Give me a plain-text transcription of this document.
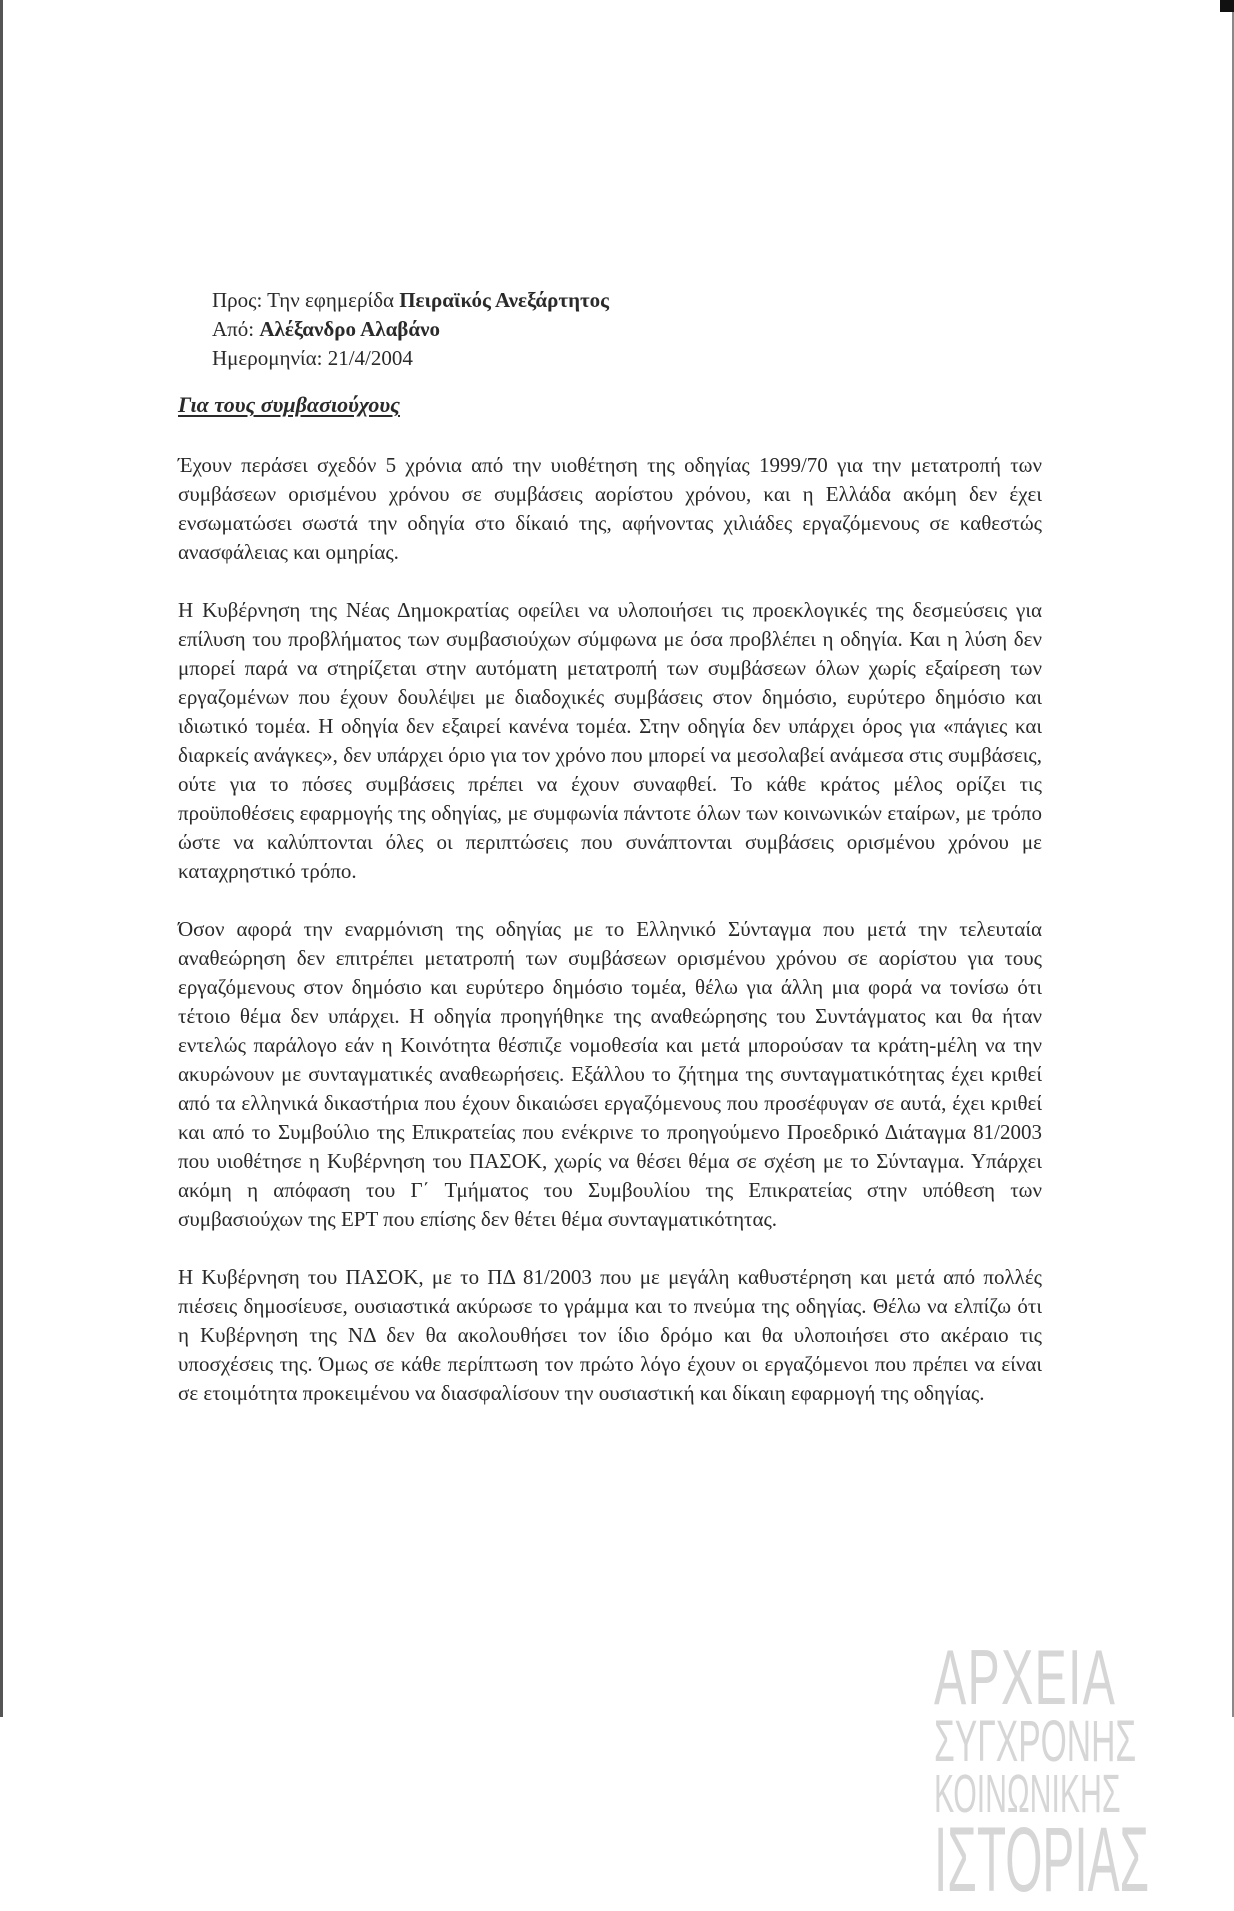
Προς: Την εφημερίδα Πειραϊκός Ανεξάρτητος
Από: Αλέξανδρο Αλαβάνο
Ημερομηνία: 21/4/2004
Για τους συμβασιούχους

Έχουν περάσει σχεδόν 5 χρόνια από την υιοθέτηση της οδηγίας 1999/70 για την μετατροπή των συμβάσεων ορισμένου χρόνου σε συμβάσεις αορίστου χρόνου, και η Ελλάδα ακόμη δεν έχει ενσωματώσει σωστά την οδηγία στο δίκαιό της, αφήνοντας χιλιάδες εργαζόμενους σε καθεστώς ανασφάλειας και ομηρίας.

Η Κυβέρνηση της Νέας Δημοκρατίας οφείλει να υλοποιήσει τις προεκλογικές της δεσμεύσεις για επίλυση του προβλήματος των συμβασιούχων σύμφωνα με όσα προβλέπει η οδηγία. Και η λύση δεν μπορεί παρά να στηρίζεται στην αυτόματη μετατροπή των συμβάσεων όλων χωρίς εξαίρεση των εργαζομένων που έχουν δουλέψει με διαδοχικές συμβάσεις στον δημόσιο, ευρύτερο δημόσιο και ιδιωτικό τομέα. Η οδηγία δεν εξαιρεί κανένα τομέα. Στην οδηγία δεν υπάρχει όρος για «πάγιες και διαρκείς ανάγκες», δεν υπάρχει όριο για τον χρόνο που μπορεί να μεσολαβεί ανάμεσα στις συμβάσεις, ούτε για το πόσες συμβάσεις πρέπει να έχουν συναφθεί. Το κάθε κράτος μέλος ορίζει τις προϋποθέσεις εφαρμογής της οδηγίας, με συμφωνία πάντοτε όλων των κοινωνικών εταίρων, με τρόπο ώστε να καλύπτονται όλες οι περιπτώσεις που συνάπτονται συμβάσεις ορισμένου χρόνου με καταχρηστικό τρόπο.

Όσον αφορά την εναρμόνιση της οδηγίας με το Ελληνικό Σύνταγμα που μετά την τελευταία αναθεώρηση δεν επιτρέπει μετατροπή των συμβάσεων ορισμένου χρόνου σε αορίστου για τους εργαζόμενους στον δημόσιο και ευρύτερο δημόσιο τομέα, θέλω για άλλη μια φορά να τονίσω ότι τέτοιο θέμα δεν υπάρχει. Η οδηγία προηγήθηκε της αναθεώρησης του Συντάγματος και θα ήταν εντελώς παράλογο εάν η Κοινότητα θέσπιζε νομοθεσία και μετά μπορούσαν τα κράτη-μέλη να την ακυρώνουν με συνταγματικές αναθεωρήσεις. Εξάλλου το ζήτημα της συνταγματικότητας έχει κριθεί από τα ελληνικά δικαστήρια που έχουν δικαιώσει εργαζόμενους που προσέφυγαν σε αυτά, έχει κριθεί και από το Συμβούλιο της Επικρατείας που ενέκρινε το προηγούμενο Προεδρικό Διάταγμα 81/2003 που υιοθέτησε η Κυβέρνηση του ΠΑΣΟΚ, χωρίς να θέσει θέμα σε σχέση με το Σύνταγμα. Υπάρχει ακόμη η απόφαση του Γ΄ Τμήματος του Συμβουλίου της Επικρατείας στην υπόθεση των συμβασιούχων της ΕΡΤ που επίσης δεν θέτει θέμα συνταγματικότητας.

Η Κυβέρνηση του ΠΑΣΟΚ, με το ΠΔ 81/2003 που με μεγάλη καθυστέρηση και μετά από πολλές πιέσεις δημοσίευσε, ουσιαστικά ακύρωσε το γράμμα και το πνεύμα της οδηγίας. Θέλω να ελπίζω ότι η Κυβέρνηση της ΝΔ δεν θα ακολουθήσει τον ίδιο δρόμο και θα υλοποιήσει στο ακέραιο τις υποσχέσεις της. Όμως σε κάθε περίπτωση τον πρώτο λόγο έχουν οι εργαζόμενοι που πρέπει να είναι σε ετοιμότητα προκειμένου να διασφαλίσουν την ουσιαστική και δίκαιη εφαρμογή της οδηγίας.

ΑΡΧΕΙΑ
ΣΥΓΧΡΟΝΗΣ
ΚΟΙΝΩΝΙΚΗΣ
ΙΣΤΟΡΙΑΣ
